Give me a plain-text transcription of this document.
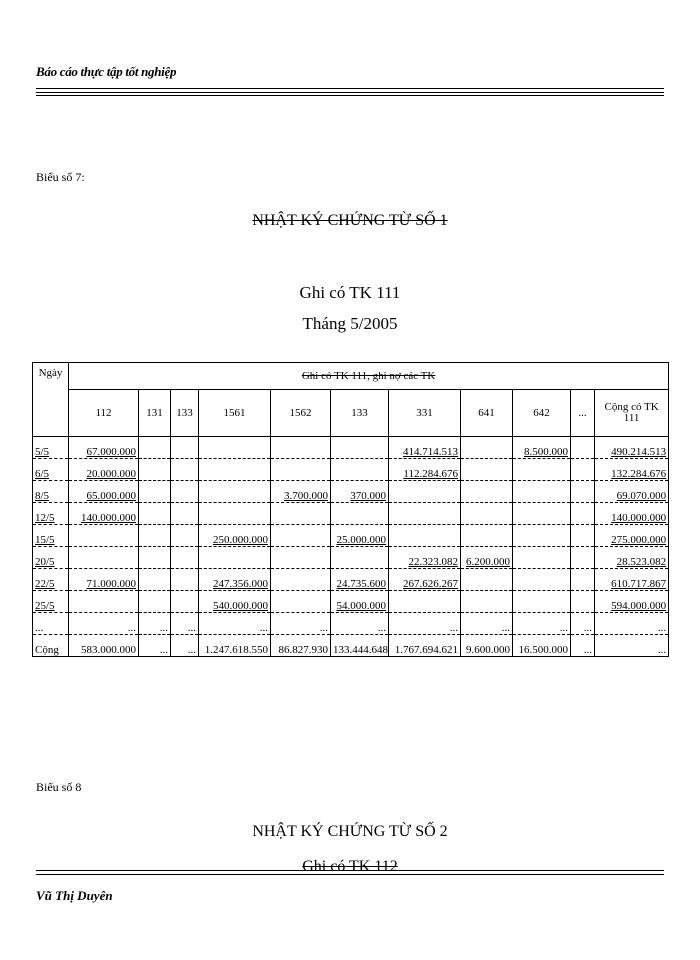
Báo cáo thực tập tốt nghiệp
Biểu số 7:
NHẬT KÝ CHỨNG TỪ SỐ 1
Ghi có TK 111
Tháng 5/2005
Ngày	Ghi có TK 111, ghi nợ các TK										
	112	131	133	1561	1562	133	331	641	642	...	Cộng có TK 111
5/5	67.000.000						414.714.513		8.500.000		490.214.513
6/5	20.000.000						112.284.676				132.284.676
8/5	65.000.000				3.700.000	370.000					69.070.000
12/5	140.000.000										140.000.000
15/5				250.000.000		25.000.000					275.000.000
20/5							22.323.082	6.200.000			28.523.082
22/5	71.000.000			247.356.000		24.735.600	267.626.267				610.717.867
25/5				540.000.000		54.000.000					594.000.000
...	...	...	...	...	...	...	...	...	...	...	...
Cộng	583.000.000	...	...	1.247.618.550	86.827.930	133.444.648	1.767.694.621	9.600.000	16.500.000	...	...
Biểu số 8
NHẬT KÝ CHỨNG TỪ SỐ 2
Ghi có TK 112
Vũ Thị Duyên
